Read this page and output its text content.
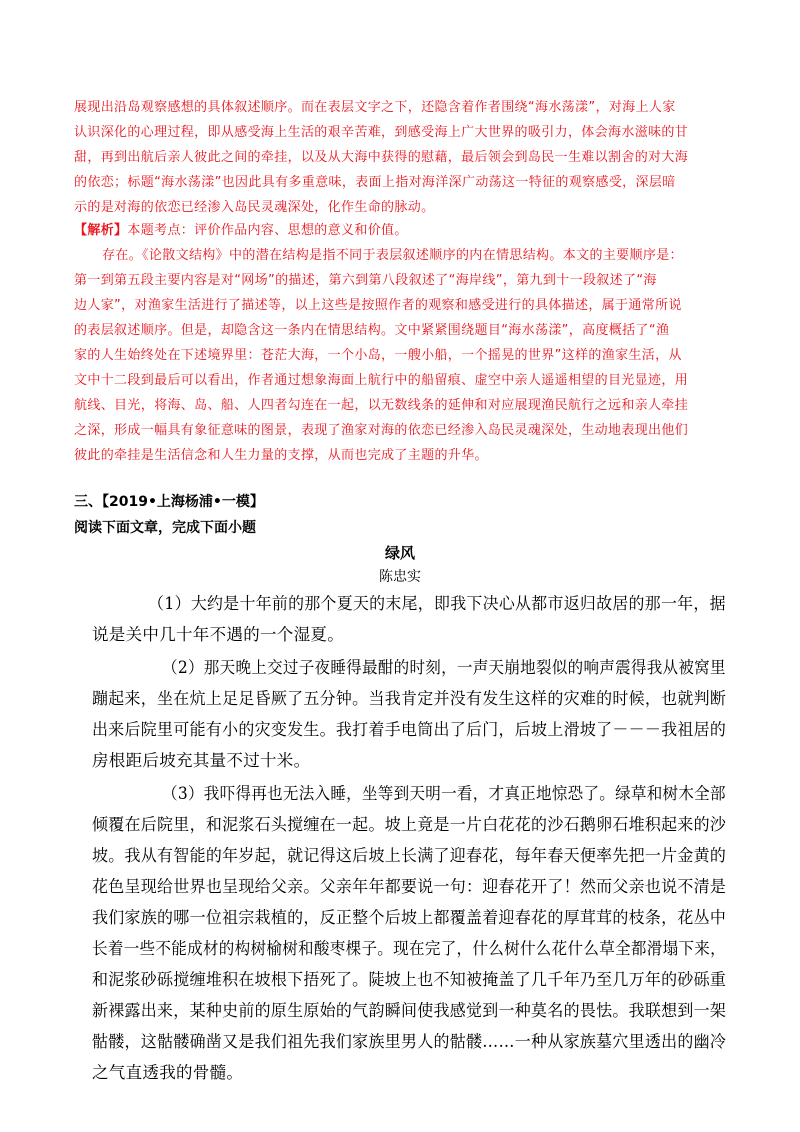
展现出沿岛观察感想的具体叙述顺序。而在表层文字之下，还隐含着作者围绕“海水荡漾”，对海上人家
认识深化的心理过程，即从感受海上生活的艰辛苦难，到感受海上广大世界的吸引力，体会海水滋味的甘
甜，再到出航后亲人彼此之间的牵挂，以及从大海中获得的慰藉，最后领会到岛民一生难以割舍的对大海
的依恋；标题“海水荡漾”也因此具有多重意味，表面上指对海洋深广动荡这一特征的观察感受，深层暗
示的是对海的依恋已经渗入岛民灵魂深处，化作生命的脉动。
【解析】本题考点：评价作品内容、思想的意义和价值。
存在。《论散文结构》中的潜在结构是指不同于表层叙述顺序的内在情思结构。本文的主要顺序是：
第一到第五段主要内容是对“网场”的描述，第六到第八段叙述了“海岸线”，第九到十一段叙述了“海
边人家”，对渔家生活进行了描述等，以上这些是按照作者的观察和感受进行的具体描述，属于通常所说
的表层叙述顺序。但是，却隐含这一条内在情思结构。文中紧紧围绕题目“海水荡漾”，高度概括了“渔
家的人生始终处在下述境界里：苍茫大海，一个小岛，一艘小船，一个摇晃的世界”这样的渔家生活，从
文中十二段到最后可以看出，作者通过想象海面上航行中的船留痕、虚空中亲人遥遥相望的目光显迹，用
航线、目光，将海、岛、船、人四者勾连在一起，以无数线条的延伸和对应展现渔民航行之远和亲人牵挂
之深，形成一幅具有象征意味的图景，表现了渔家对海的依恋已经渗入岛民灵魂深处，生动地表现出他们
彼此的牵挂是生活信念和人生力量的支撑，从而也完成了主题的升华。
三、【2019•上海杨浦•一模】
阅读下面文章，完成下面小题
绿风
陈忠实
（1）大约是十年前的那个夏天的末尾，即我下决心从都市返归故居的那一年，据
说是关中几十年不遇的一个湿夏。
（2）那天晚上交过子夜睡得最酣的时刻，一声天崩地裂似的响声震得我从被窝里
蹦起来，坐在炕上足足昏厥了五分钟。当我肯定并没有发生这样的灾难的时候，也就判断
出来后院里可能有小的灾变发生。我打着手电筒出了后门，后坡上滑坡了－－－我祖居的
房根距后坡充其量不过十米。
（3）我吓得再也无法入睡，坐等到天明一看，才真正地惊恐了。绿草和树木全部
倾覆在后院里，和泥浆石头搅缠在一起。坡上竟是一片白花花的沙石鹅卵石堆积起来的沙
坡。我从有智能的年岁起，就记得这后坡上长满了迎春花，每年春天便率先把一片金黄的
花色呈现给世界也呈现给父亲。父亲年年都要说一句：迎春花开了！然而父亲也说不清是
我们家族的哪一位祖宗栽植的，反正整个后坡上都覆盖着迎春花的厚茸茸的枝条，花丛中
长着一些不能成材的构树榆树和酸枣棵子。现在完了，什么树什么花什么草全都滑塌下来，
和泥浆砂砾搅缠堆积在坡根下捂死了。陡坡上也不知被掩盖了几千年乃至几万年的砂砾重
新裸露出来，某种史前的原生原始的气韵瞬间使我感觉到一种莫名的畏怯。我联想到一架
骷髅，这骷髅确凿又是我们祖先我们家族里男人的骷髅……一种从家族墓穴里透出的幽冷
之气直透我的骨髓。
